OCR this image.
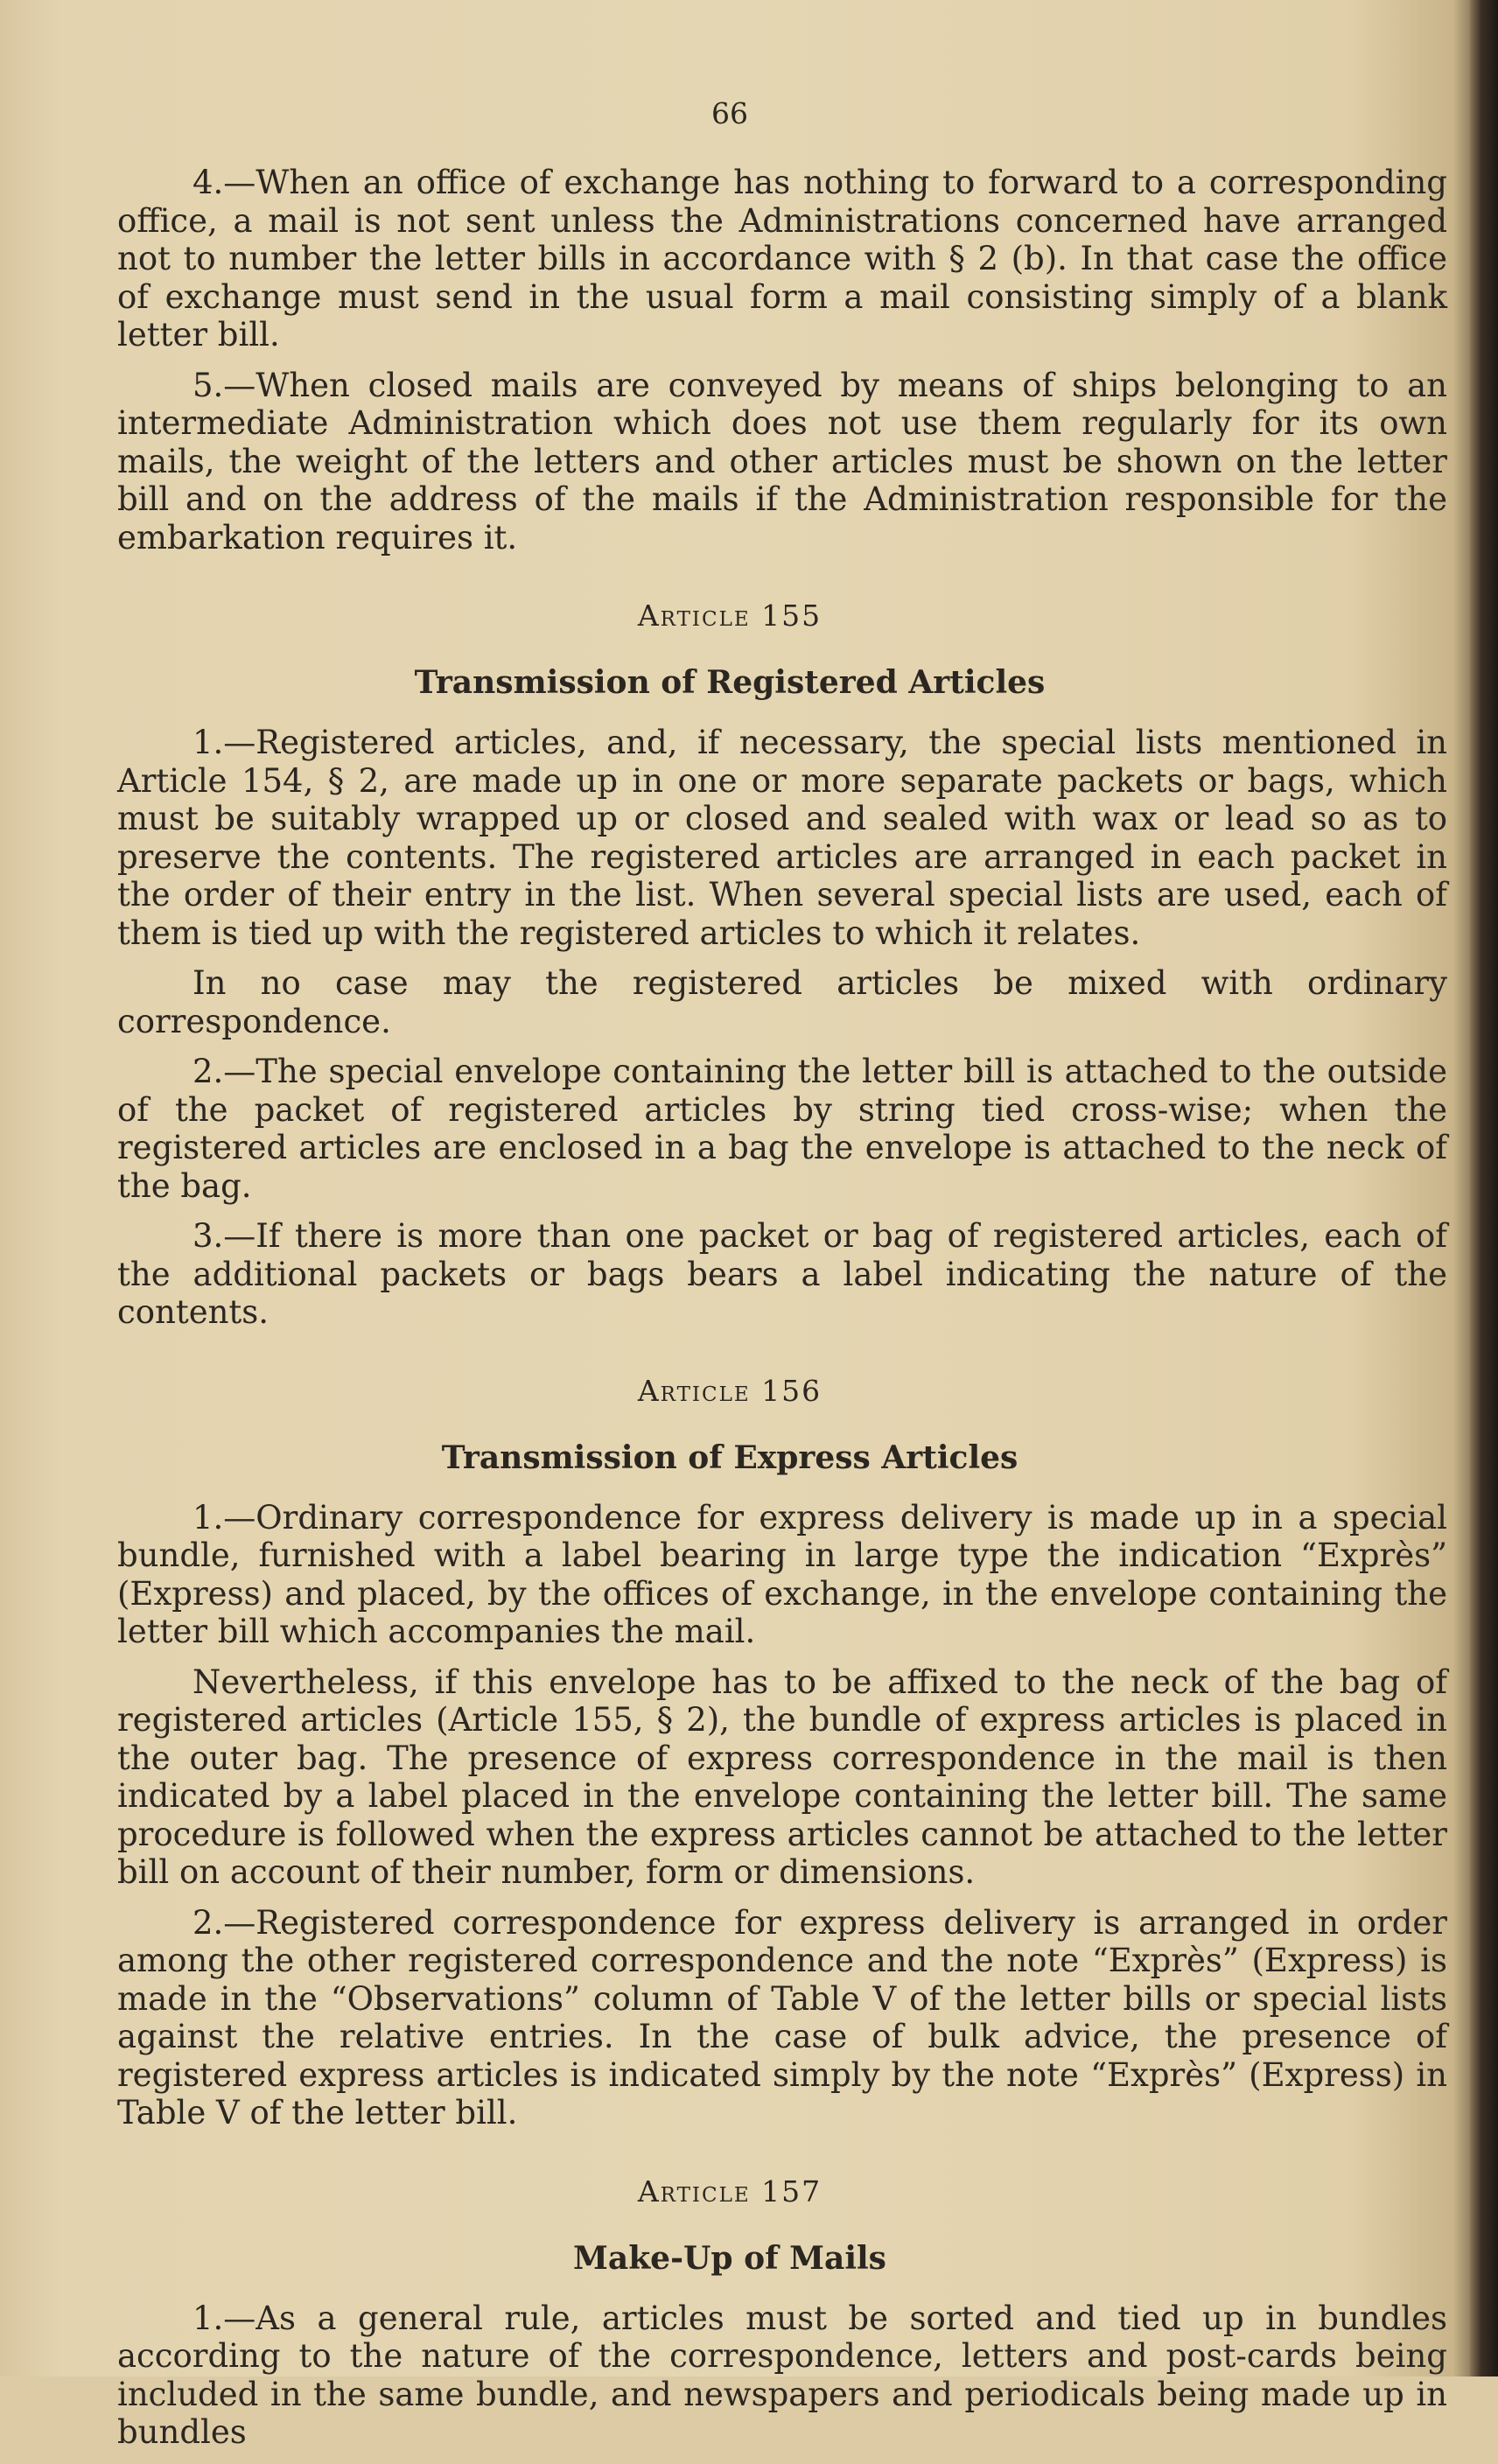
66

4.—When an office of exchange has nothing to forward to a corresponding office, a mail is not sent unless the Administrations concerned have arranged not to number the letter bills in accordance with § 2 (b). In that case the office of exchange must send in the usual form a mail consisting simply of a blank letter bill.

5.—When closed mails are conveyed by means of ships belonging to an intermediate Administration which does not use them regularly for its own mails, the weight of the letters and other articles must be shown on the letter bill and on the address of the mails if the Administration responsible for the embarkation requires it.

Article 155
Transmission of Registered Articles

1.—Registered articles, and, if necessary, the special lists mentioned in Article 154, § 2, are made up in one or more separate packets or bags, which must be suitably wrapped up or closed and sealed with wax or lead so as to preserve the contents. The registered articles are arranged in each packet in the order of their entry in the list. When several special lists are used, each of them is tied up with the registered articles to which it relates.

In no case may the registered articles be mixed with ordinary correspondence.

2.—The special envelope containing the letter bill is attached to the outside of the packet of registered articles by string tied cross-wise; when the registered articles are enclosed in a bag the envelope is attached to the neck of the bag.

3.—If there is more than one packet or bag of registered articles, each of the additional packets or bags bears a label indicating the nature of the contents.

Article 156
Transmission of Express Articles

1.—Ordinary correspondence for express delivery is made up in a special bundle, furnished with a label bearing in large type the indication “Exprès” (Express) and placed, by the offices of exchange, in the envelope containing the letter bill which accompanies the mail.

Nevertheless, if this envelope has to be affixed to the neck of the bag of registered articles (Article 155, § 2), the bundle of express articles is placed in the outer bag. The presence of express correspondence in the mail is then indicated by a label placed in the envelope containing the letter bill. The same procedure is followed when the express articles cannot be attached to the letter bill on account of their number, form or dimensions.

2.—Registered correspondence for express delivery is arranged in order among the other registered correspondence and the note “Exprès” (Express) is made in the “Observations” column of Table V of the letter bills or special lists against the relative entries. In the case of bulk advice, the presence of registered express articles is indicated simply by the note “Exprès” (Express) in Table V of the letter bill.

Article 157
Make-Up of Mails

1.—As a general rule, articles must be sorted and tied up in bundles according to the nature of the correspondence, letters and post-cards being included in the same bundle, and newspapers and periodicals being made up in bundles
